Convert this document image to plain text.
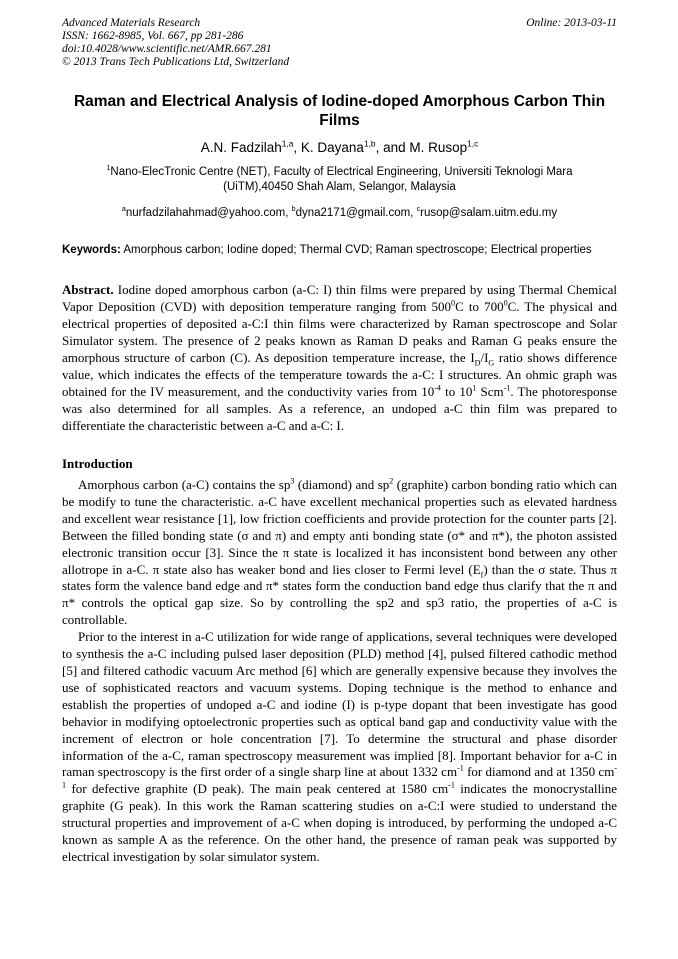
Advanced Materials Research
ISSN: 1662-8985, Vol. 667, pp 281-286
doi:10.4028/www.scientific.net/AMR.667.281
© 2013 Trans Tech Publications Ltd, Switzerland
Online: 2013-03-11
Raman and Electrical Analysis of Iodine-doped Amorphous Carbon Thin Films
A.N. Fadzilah$^{1,a}$, K. Dayana$^{1,b}$, and M. Rusop$^{1,c}$
$^1$Nano-ElecTronic Centre (NET), Faculty of Electrical Engineering, Universiti Teknologi Mara (UiTM),40450 Shah Alam, Selangor, Malaysia
$^a$nurfadzilahahmad@yahoo.com, $^b$dyna2171@gmail.com, $^c$rusop@salam.uitm.edu.my

Keywords: Amorphous carbon; Iodine doped; Thermal CVD; Raman spectroscope; Electrical properties

Abstract. Iodine doped amorphous carbon (a-C: I) thin films were prepared by using Thermal Chemical Vapor Deposition (CVD) with deposition temperature ranging from $500^0C$ to $700^0C$. The physical and electrical properties of deposited a-C:I thin films were characterized by Raman spectroscope and Solar Simulator system. The presence of 2 peaks known as Raman D peaks and Raman G peaks ensure the amorphous structure of carbon (C). As deposition temperature increase, the $I_D/I_G$ ratio shows difference value, which indicates the effects of the temperature towards the a-C: I structures. An ohmic graph was obtained for the IV measurement, and the conductivity varies from $10^{-4}$ to $10^1$ Scm$^{-1}$. The photoresponse was also determined for all samples. As a reference, an undoped a-C thin film was prepared to differentiate the characteristic between a-C and a-C: I.

Introduction

Amorphous carbon (a-C) contains the $sp^3$ (diamond) and $sp^2$ (graphite) carbon bonding ratio which can be modify to tune the characteristic. a-C have excellent mechanical properties such as elevated hardness and excellent wear resistance [1], low friction coefficients and provide protection for the counter parts [2]. Between the filled bonding state (σ and π) and empty anti bonding state (σ* and π*), the photon assisted electronic transition occur [3]. Since the π state is localized it has inconsistent bond between any other allotrope in a-C. π state also has weaker bond and lies closer to Fermi level $(E_f)$ than the σ state. Thus π states form the valence band edge and π* states form the conduction band edge thus clarify that the π and π* controls the optical gap size. So by controlling the sp2 and sp3 ratio, the properties of a-C is controllable.

Prior to the interest in a-C utilization for wide range of applications, several techniques were developed to synthesis the a-C including pulsed laser deposition (PLD) method [4], pulsed filtered cathodic method [5] and filtered cathodic vacuum Arc method [6] which are generally expensive because they involves the use of sophisticated reactors and vacuum systems. Doping technique is the method to enhance and establish the properties of undoped a-C and iodine (I) is p-type dopant that been investigate has good behavior in modifying optoelectronic properties such as optical band gap and conductivity value with the increment of electron or hole concentration [7]. To determine the structural and phase disorder information of the a-C, raman spectroscopy measurement was implied [8]. Important behavior for a-C in raman spectroscopy is the first order of a single sharp line at about 1332 $cm^{-1}$ for diamond and at 1350 $cm^{-1}$ for defective graphite (D peak). The main peak centered at 1580 $cm^{-1}$ indicates the monocrystalline graphite (G peak). In this work the Raman scattering studies on a-C:I were studied to understand the structural properties and improvement of a-C when doping is introduced, by performing the undoped a-C known as sample A as the reference. On the other hand, the presence of raman peak was supported by electrical investigation by solar simulator system.
